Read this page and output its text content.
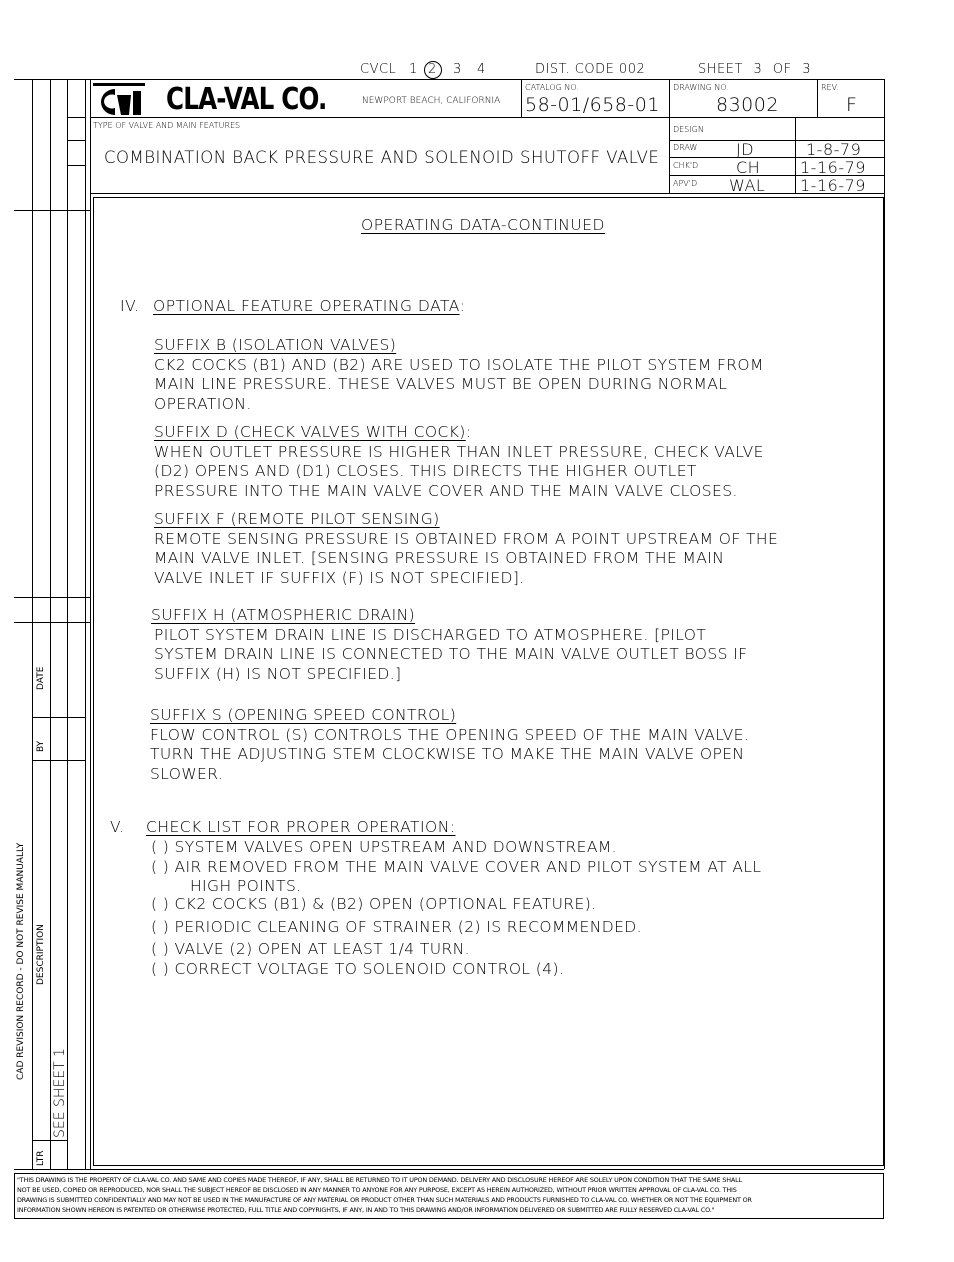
CVCL 1 2 3 4	DIST. CODE 002	SHEET 3 OF 3
DATE
BY
DESCRIPTION
CAD REVISION RECORD - DO NOT REVISE MANUALLY
LTR
SEE SHEET 1
CLA-VAL CO.	NEWPORT BEACH, CALIFORNIA
CATALOG NO.
58-01/658-01
DRAWING NO.
83002
REV.
F
TYPE OF VALVE AND MAIN FEATURES
COMBINATION BACK PRESSURE AND SOLENOID SHUTOFF VALVE
DESIGN
DRAW JD	1-8-79
CHK'D CH 1-16-79
APV'D WAL 1-16-79
OPERATING DATA-CONTINUED
IV. OPTIONAL FEATURE OPERATING DATA:
SUFFIX B (ISOLATION VALVES)
CK2 COCKS (B1) AND (B2) ARE USED TO ISOLATE THE PILOT SYSTEM FROM
MAIN LINE PRESSURE. THESE VALVES MUST BE OPEN DURING NORMAL
OPERATION.
SUFFIX D (CHECK VALVES WITH COCK):
WHEN OUTLET PRESSURE IS HIGHER THAN INLET PRESSURE, CHECK VALVE
(D2) OPENS AND (D1) CLOSES. THIS DIRECTS THE HIGHER OUTLET
PRESSURE INTO THE MAIN VALVE COVER AND THE MAIN VALVE CLOSES.
SUFFIX F (REMOTE PILOT SENSING)
REMOTE SENSING PRESSURE IS OBTAINED FROM A POINT UPSTREAM OF THE
MAIN VALVE INLET. [SENSING PRESSURE IS OBTAINED FROM THE MAIN
VALVE INLET IF SUFFIX (F) IS NOT SPECIFIED].
SUFFIX H (ATMOSPHERIC DRAIN)
PILOT SYSTEM DRAIN LINE IS DISCHARGED TO ATMOSPHERE. [PILOT
SYSTEM DRAIN LINE IS CONNECTED TO THE MAIN VALVE OUTLET BOSS IF
SUFFIX (H) IS NOT SPECIFIED.]
SUFFIX S (OPENING SPEED CONTROL)
FLOW CONTROL (S) CONTROLS THE OPENING SPEED OF THE MAIN VALVE.
TURN THE ADJUSTING STEM CLOCKWISE TO MAKE THE MAIN VALVE OPEN
SLOWER.
V. CHECK LIST FOR PROPER OPERATION:
( ) SYSTEM VALVES OPEN UPSTREAM AND DOWNSTREAM.
( ) AIR REMOVED FROM THE MAIN VALVE COVER AND PILOT SYSTEM AT ALL
HIGH POINTS.
( ) CK2 COCKS (B1) & (B2) OPEN (OPTIONAL FEATURE).
( ) PERIODIC CLEANING OF STRAINER (2) IS RECOMMENDED.
( ) VALVE (2) OPEN AT LEAST 1/4 TURN.
( ) CORRECT VOLTAGE TO SOLENOID CONTROL (4).
"THIS DRAWING IS THE PROPERTY OF CLA-VAL CO. AND SAME AND COPIES MADE THEREOF, IF ANY, SHALL BE RETURNED TO IT UPON DEMAND. DELIVERY AND DISCLOSURE HEREOF ARE SOLELY UPON CONDITION THAT THE SAME SHALL
NOT BE USED, COPIED OR REPRODUCED, NOR SHALL THE SUBJECT HEREOF BE DISCLOSED IN ANY MANNER TO ANYONE FOR ANY PURPOSE, EXCEPT AS HEREIN AUTHORIZED, WITHOUT PRIOR WRITTEN APPROVAL OF CLA-VAL CO. THIS
DRAWING IS SUBMITTED CONFIDENTIALLY AND MAY NOT BE USED IN THE MANUFACTURE OF ANY MATERIAL OR PRODUCT OTHER THAN SUCH MATERIALS AND PRODUCTS FURNISHED TO CLA-VAL CO. WHETHER OR NOT THE EQUIPMENT OR
INFORMATION SHOWN HEREON IS PATENTED OR OTHERWISE PROTECTED, FULL TITLE AND COPYRIGHTS, IF ANY, IN AND TO THIS DRAWING AND/OR INFORMATION DELIVERED OR SUBMITTED ARE FULLY RESERVED CLA-VAL CO."
